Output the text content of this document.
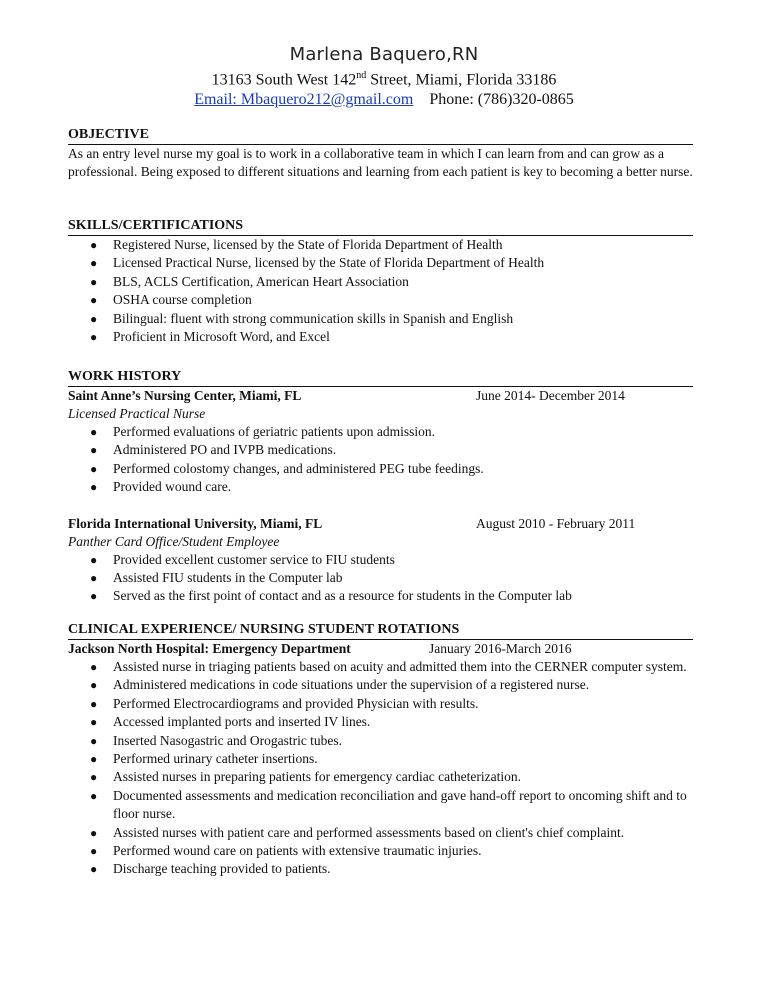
Marlena Baquero,RN
13163 South West 142nd Street, Miami, Florida 33186
Email: Mbaquero212@gmail.com Phone: (786)320-0865
OBJECTIVE
As an entry level nurse my goal is to work in a collaborative team in which I can learn from and can grow as a professional. Being exposed to different situations and learning from each patient is key to becoming a better nurse.
SKILLS/CERTIFICATIONS
● Registered Nurse, licensed by the State of Florida Department of Health
● Licensed Practical Nurse, licensed by the State of Florida Department of Health
● BLS, ACLS Certification, American Heart Association
● OSHA course completion
● Bilingual: fluent with strong communication skills in Spanish and English
● Proficient in Microsoft Word, and Excel
WORK HISTORY
Saint Anne’s Nursing Center, Miami, FL	June 2014- December 2014
Licensed Practical Nurse
● Performed evaluations of geriatric patients upon admission.
● Administered PO and IVPB medications.
● Performed colostomy changes, and administered PEG tube feedings.
● Provided wound care.
Florida International University, Miami, FL	August 2010 - February 2011
Panther Card Office/Student Employee
● Provided excellent customer service to FIU students
● Assisted FIU students in the Computer lab
● Served as the first point of contact and as a resource for students in the Computer lab
CLINICAL EXPERIENCE/ NURSING STUDENT ROTATIONS
Jackson North Hospital: Emergency Department	January 2016-March 2016
● Assisted nurse in triaging patients based on acuity and admitted them into the CERNER computer system.
● Administered medications in code situations under the supervision of a registered nurse.
● Performed Electrocardiograms and provided Physician with results.
● Accessed implanted ports and inserted IV lines.
● Inserted Nasogastric and Orogastric tubes.
● Performed urinary catheter insertions.
● Assisted nurses in preparing patients for emergency cardiac catheterization.
● Documented assessments and medication reconciliation and gave hand-off report to oncoming shift and to floor nurse.
● Assisted nurses with patient care and performed assessments based on client's chief complaint.
● Performed wound care on patients with extensive traumatic injuries.
● Discharge teaching provided to patients.
